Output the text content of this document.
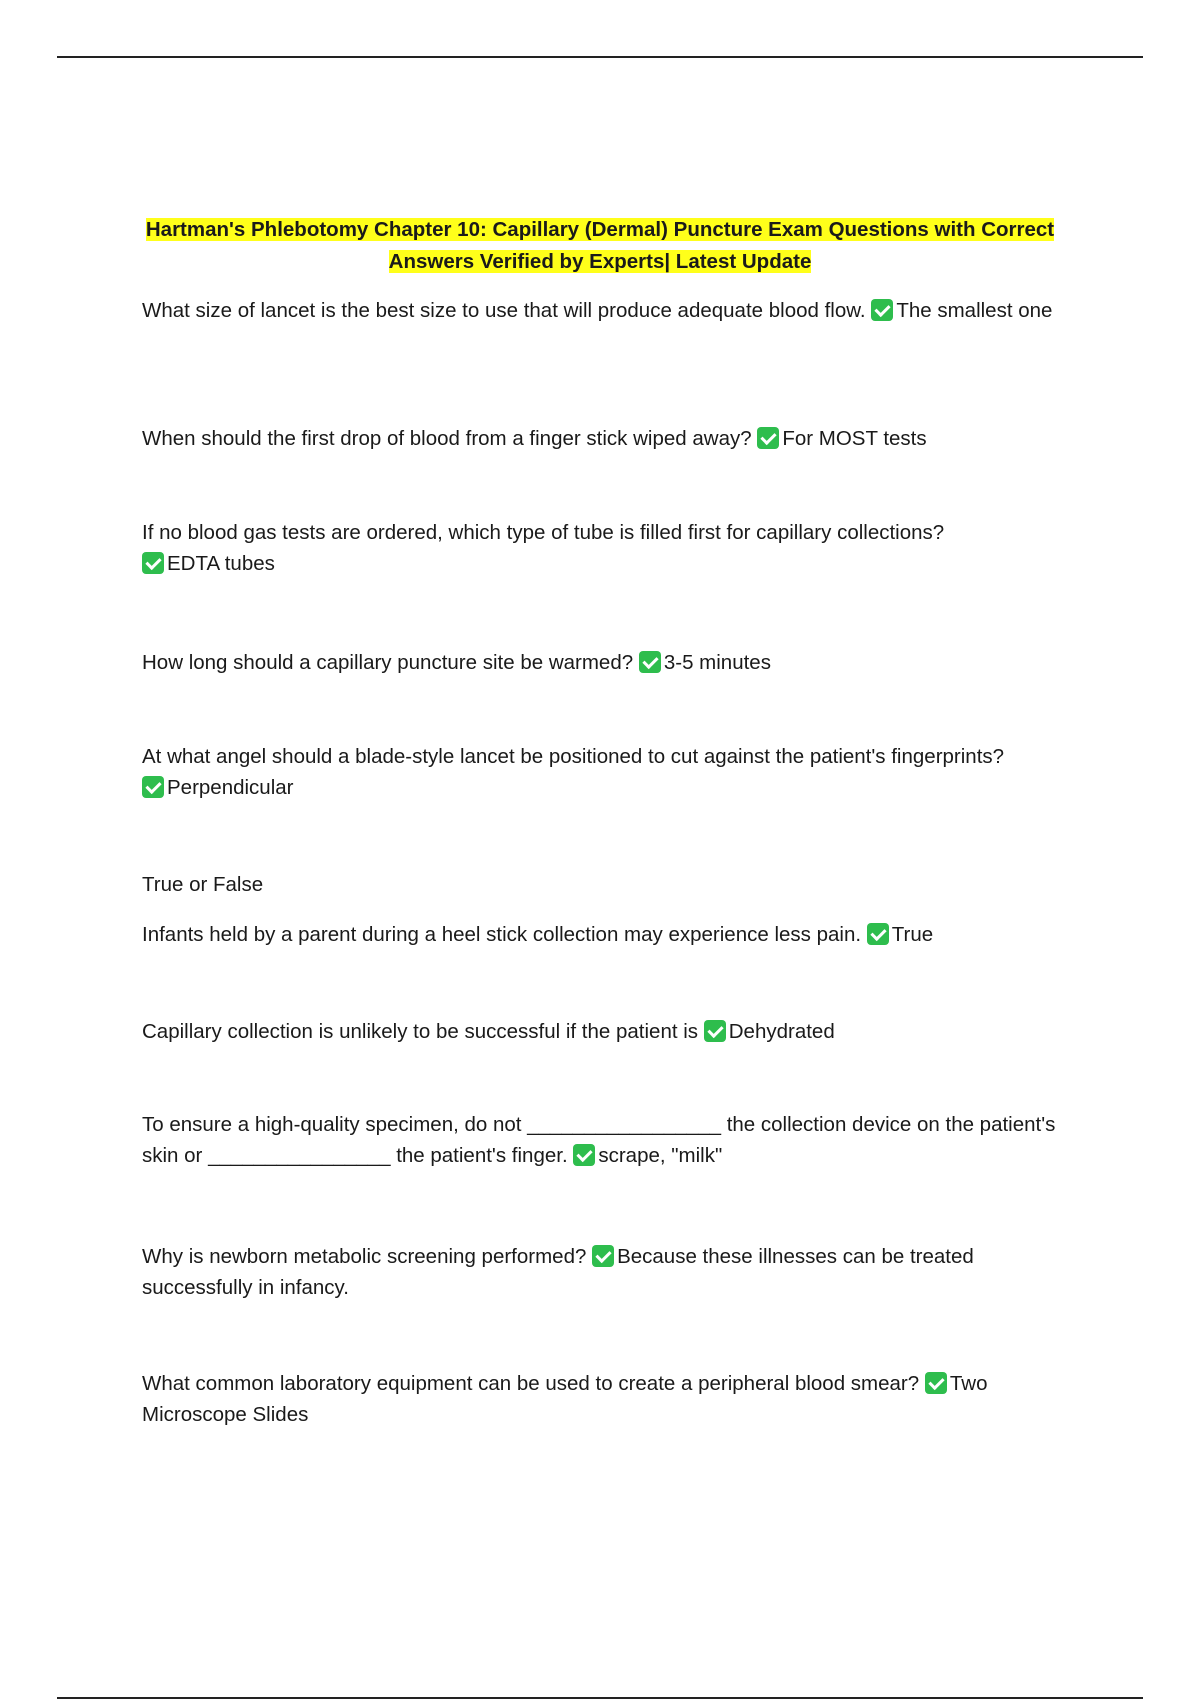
Hartman's Phlebotomy Chapter 10: Capillary (Dermal) Puncture Exam Questions with Correct
Answers Verified by Experts| Latest Update

What size of lancet is the best size to use that will produce adequate blood flow. The smallest one

When should the first drop of blood from a finger stick wiped away? For MOST tests

If no blood gas tests are ordered, which type of tube is filled first for capillary collections?
EDTA tubes

How long should a capillary puncture site be warmed? 3-5 minutes

At what angel should a blade-style lancet be positioned to cut against the patient's fingerprints?
Perpendicular

True or False

Infants held by a parent during a heel stick collection may experience less pain. True

Capillary collection is unlikely to be successful if the patient is Dehydrated

To ensure a high-quality specimen, do not _________________ the collection device on the patient's skin or ________________ the patient's finger. scrape, "milk"

Why is newborn metabolic screening performed? Because these illnesses can be treated successfully in infancy.

What common laboratory equipment can be used to create a peripheral blood smear? Two Microscope Slides
